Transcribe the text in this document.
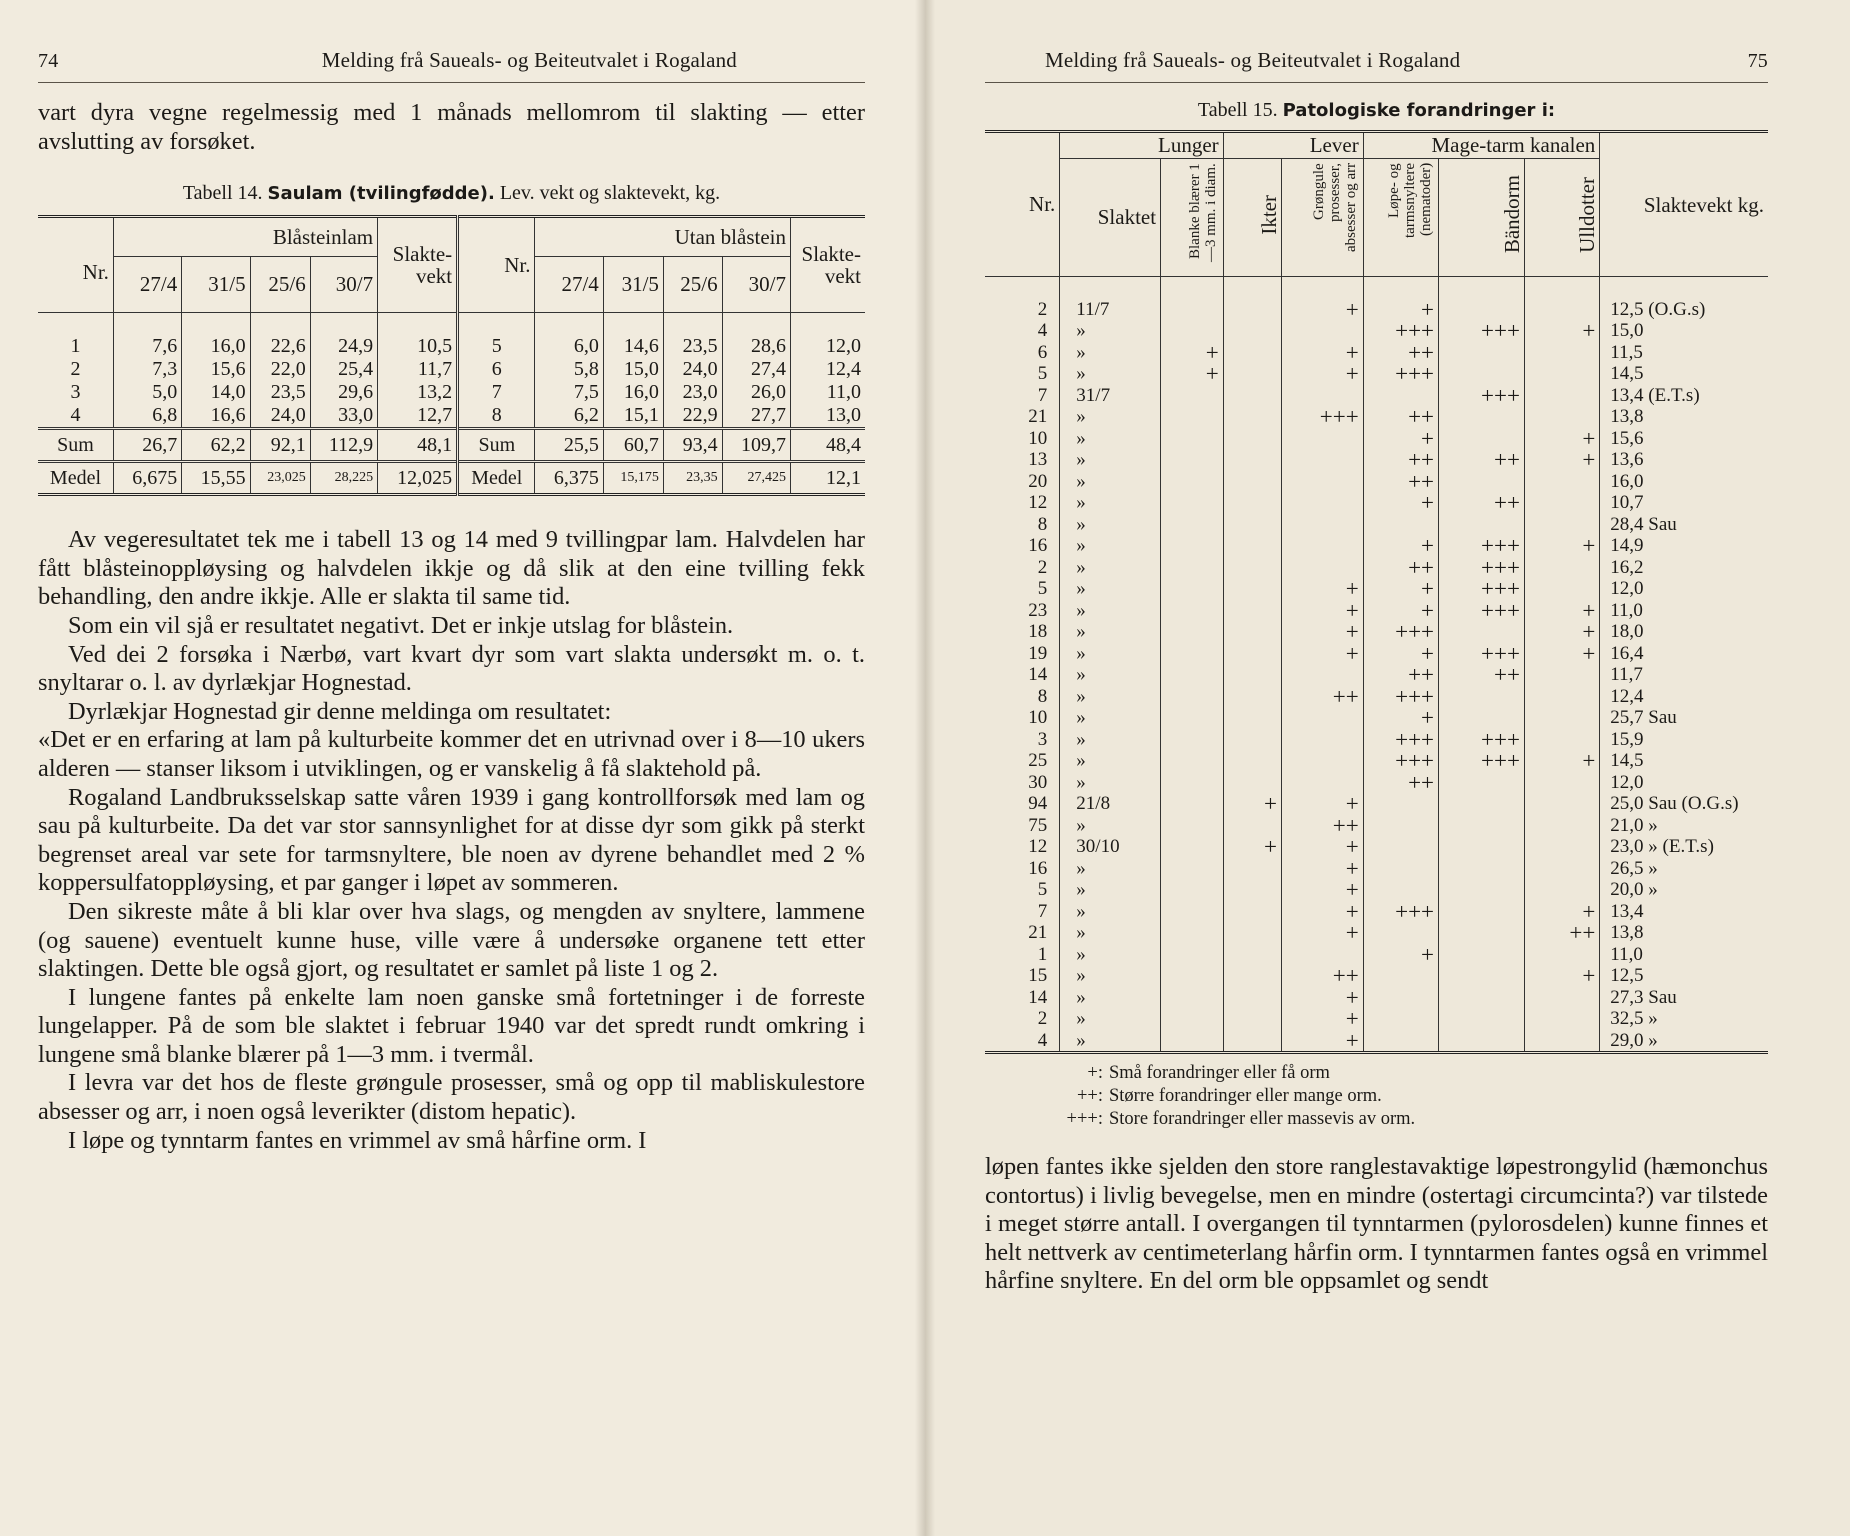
74	Melding frå Saueals- og Beiteutvalet i Rogaland

vart dyra vegne regelmessig med 1 månads mellomrom til slakting — etter avslutting av forsøket.

Tabell 14. Saulam (tvilingfødde). Lev. vekt og slaktevekt, kg.
Nr.	Blåsteinlam				Slakte- vekt	Nr.	Utan blåstein				Slakte- vekt
	27/4	31/5	25/6	30/7			27/4	31/5	25/6	30/7	

1	7,6	16,0	22,6	24,9	10,5	5	6,0	14,6	23,5	28,6	12,0
2	7,3	15,6	22,0	25,4	11,7	6	5,8	15,0	24,0	27,4	12,4
3	5,0	14,0	23,5	29,6	13,2	7	7,5	16,0	23,0	26,0	11,0
4	6,8	16,6	24,0	33,0	12,7	8	6,2	15,1	22,9	27,7	13,0
Sum	26,7	62,2	92,1	112,9	48,1	Sum	25,5	60,7	93,4	109,7	48,4
Medel	6,675	15,55	23,025	28,225	12,025	Medel	6,375	15,175	23,35	27,425	12,1

Av vegeresultatet tek me i tabell 13 og 14 med 9 tvillingpar lam. Halvdelen har fått blåsteinoppløysing og halvdelen ikkje og då slik at den eine tvilling fekk behandling, den andre ikkje. Alle er slakta til same tid.

Som ein vil sjå er resultatet negativt. Det er inkje utslag for blåstein.

Ved dei 2 forsøka i Nærbø, vart kvart dyr som vart slakta undersøkt m. o. t. snyltarar o. l. av dyrlækjar Hognestad.

Dyrlækjar Hognestad gir denne meldinga om resultatet:

«Det er en erfaring at lam på kulturbeite kommer det en utrivnad over i 8—10 ukers alderen — stanser liksom i utviklingen, og er vanskelig å få slaktehold på.

Rogaland Landbruksselskap satte våren 1939 i gang kontrollforsøk med lam og sau på kulturbeite. Da det var stor sannsynlighet for at disse dyr som gikk på sterkt begrenset areal var sete for tarmsnyltere, ble noen av dyrene behandlet med 2 % koppersulfatoppløysing, et par ganger i løpet av sommeren.

Den sikreste måte å bli klar over hva slags, og mengden av snyltere, lammene (og sauene) eventuelt kunne huse, ville være å undersøke organene tett etter slaktingen. Dette ble også gjort, og resultatet er samlet på liste 1 og 2.

I lungene fantes på enkelte lam noen ganske små fortetninger i de forreste lungelapper. På de som ble slaktet i februar 1940 var det spredt rundt omkring i lungene små blanke blærer på 1—3 mm. i tvermål.

I levra var det hos de fleste grøngule prosesser, små og opp til mabliskulestore absesser og arr, i noen også leverikter (distom hepatic).

I løpe og tynntarm fantes en vrimmel av små hårfine orm. I

Melding frå Saueals- og Beiteutvalet i Rogaland	75
Tabell 15. Patologiske forandringer i:
Nr.	Lunger		Lever		Mage-tarm kanalen			Slaktevekt kg.
	Slaktet	Blanke blærer 1—3 mm. i diam.	Ikter	Grøngule prosesser, absesser og arr	Løpe- og tarmsnyltere (nematoder)	Bändorm	Ulldotter	

2	11/7			+	+			12,5 (O.G.s)
4	»				+++	+++	+	15,0
6	»	+		+	++			11,5
5	»	+		+	+++			14,5
7	31/7					+++		13,4 (E.T.s)
21	»			+++	++			13,8
10	»				+		+	15,6
13	»				++	++	+	13,6
20	»				++			16,0
12	»				+	++		10,7
8	»							28,4 Sau
16	»				+	+++	+	14,9
2	»				++	+++		16,2
5	»			+	+	+++		12,0
23	»			+	+	+++	+	11,0
18	»			+	+++		+	18,0
19	»			+	+	+++	+	16,4
14	»				++	++		11,7
8	»			++	+++			12,4
10	»				+			25,7 Sau
3	»				+++	+++		15,9
25	»				+++	+++	+	14,5
30	»				++			12,0
94	21/8		+	+				25,0 Sau (O.G.s)
75	»			++				21,0 »
12	30/10		+	+				23,0 » (E.T.s)
16	»			+				26,5 »
5	»			+				20,0 »
7	»			+	+++		+	13,4
21	»			+			++	13,8
1	»				+			11,0
15	»			++			+	12,5
14	»			+				27,3 Sau
2	»			+				32,5 »
4	»			+				29,0 »
+: Små forandringer eller få orm
++: Større forandringer eller mange orm.
+++: Store forandringer eller massevis av orm.

løpen fantes ikke sjelden den store ranglestavaktige løpestrongylid (hæmonchus contortus) i livlig bevegelse, men en mindre (ostertagi circumcinta?) var tilstede i meget større antall. I overgangen til tynntarmen (pylorosdelen) kunne finnes et helt nettverk av centimeterlang hårfin orm. I tynntarmen fantes også en vrimmel hårfine snyltere. En del orm ble oppsamlet og sendt
